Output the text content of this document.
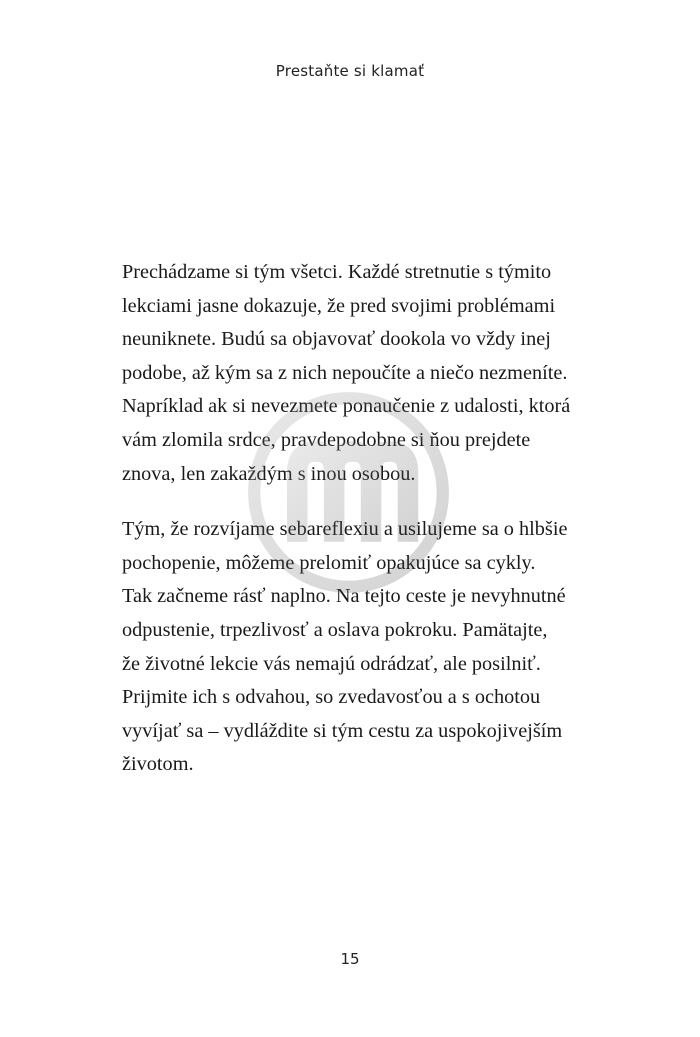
Prestaňte si klamať
Prechádzame si tým všetci. Každé stretnutie s týmito
lekciami jasne dokazuje, že pred svojimi problémami
neuniknete. Budú sa objavovať dookola vo vždy inej
podobe, až kým sa z nich nepoučíte a niečo nezmeníte.
Napríklad ak si nevezmete ponaučenie z udalosti, ktorá
vám zlomila srdce, pravdepodobne si ňou prejdete
znova, len zakaždým s inou osobou.
Tým, že rozvíjame sebareflexiu a usilujeme sa o hlbšie
pochopenie, môžeme prelomiť opakujúce sa cykly.
Tak začneme rásť naplno. Na tejto ceste je nevyhnutné
odpustenie, trpezlivosť a oslava pokroku. Pamätajte,
že životné lekcie vás nemajú odrádzať, ale posilniť.
Prijmite ich s odvahou, so zvedavosťou a s ochotou
vyvíjať sa – vydláždite si tým cestu za uspokojivejším
životom.
15
